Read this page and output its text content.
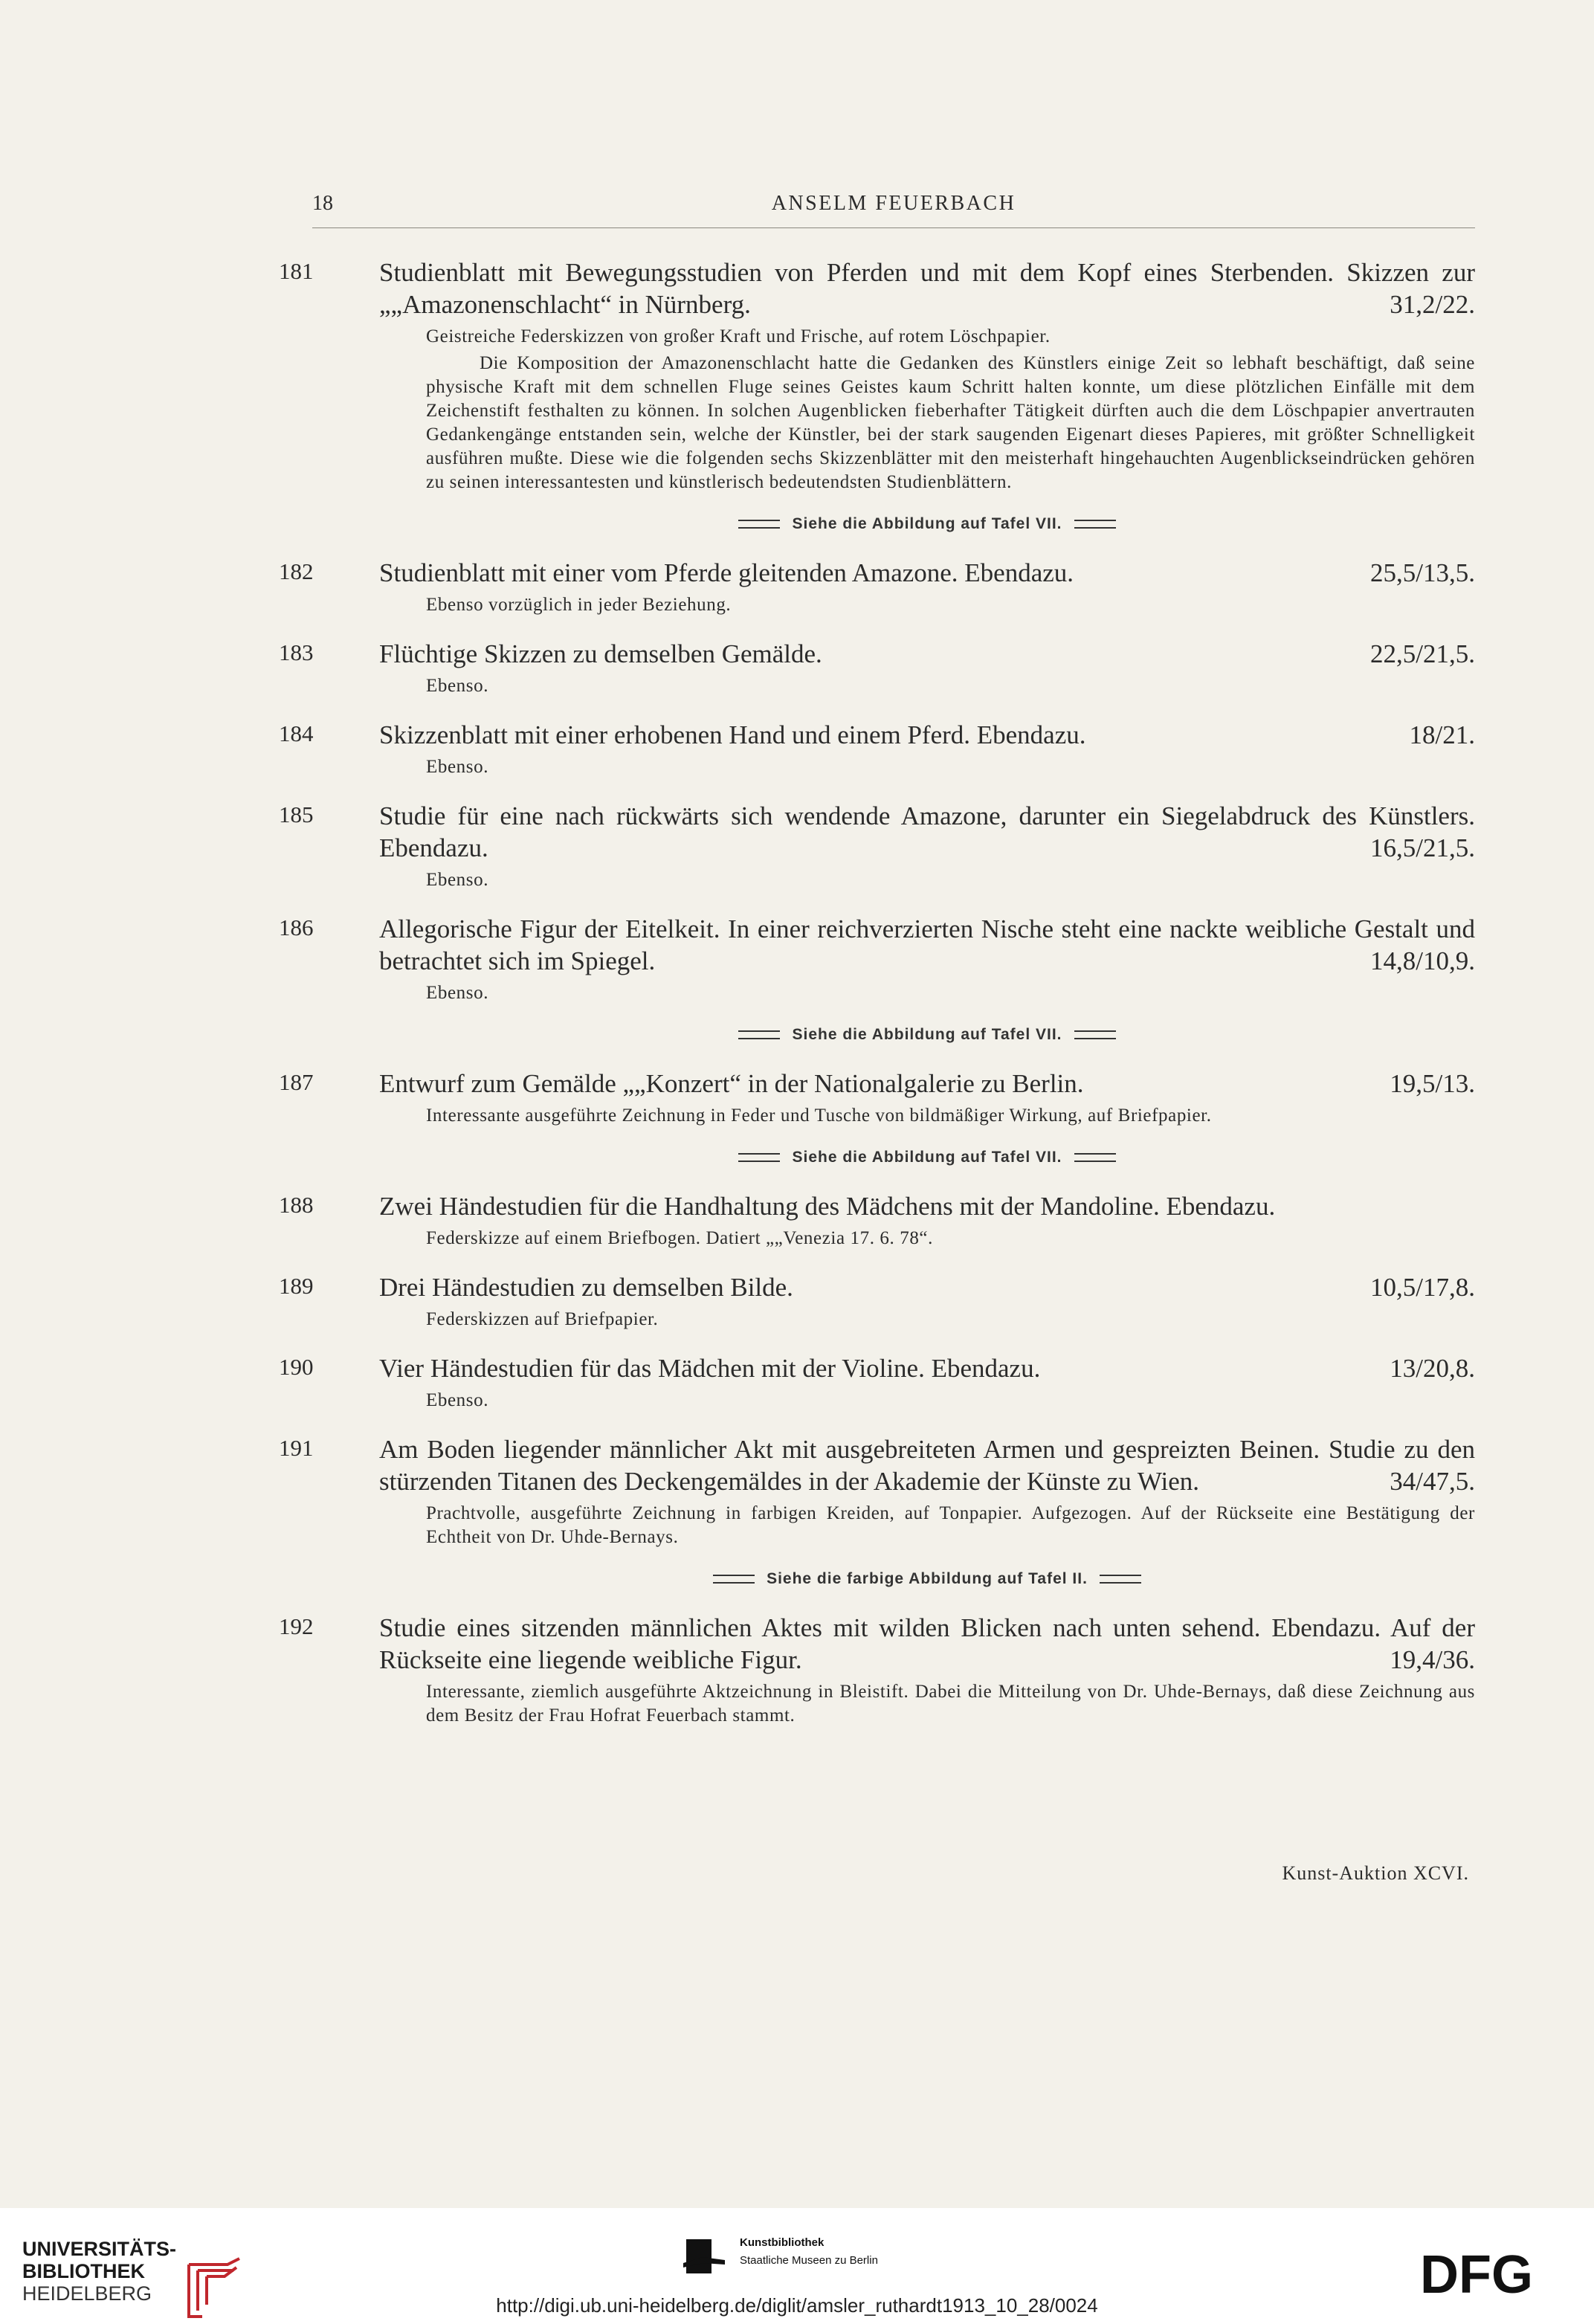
18	ANSELM FEUERBACH
181	Studienblatt mit Bewegungsstudien von Pferden und mit dem Kopf eines Sterbenden. Skizzen zur „„Amazonenschlacht“ in Nürnberg.	31,2/22.
Geistreiche Federskizzen von großer Kraft und Frische, auf rotem Löschpapier.
Die Komposition der Amazonenschlacht hatte die Gedanken des Künstlers einige Zeit so lebhaft beschäftigt, daß seine physische Kraft mit dem schnellen Fluge seines Geistes kaum Schritt halten konnte, um diese plötzlichen Einfälle mit dem Zeichenstift festhalten zu können. In solchen Augenblicken fieberhafter Tätigkeit dürften auch die dem Löschpapier anvertrauten Gedankengänge entstanden sein, welche der Künstler, bei der stark saugenden Eigenart dieses Papieres, mit größter Schnelligkeit ausführen mußte. Diese wie die folgenden sechs Skizzenblätter mit den meisterhaft hingehauchten Augenblickseindrücken gehören zu seinen interessantesten und künstlerisch bedeutendsten Studienblättern.
Siehe die Abbildung auf Tafel VII.
182	Studienblatt mit einer vom Pferde gleitenden Amazone. Ebendazu.	25,5/13,5.
Ebenso vorzüglich in jeder Beziehung.
183	Flüchtige Skizzen zu demselben Gemälde.	22,5/21,5.
Ebenso.
184	Skizzenblatt mit einer erhobenen Hand und einem Pferd. Ebendazu.	18/21.
Ebenso.
185	Studie für eine nach rückwärts sich wendende Amazone, darunter ein Siegelabdruck des Künstlers. Ebendazu.	16,5/21,5.
Ebenso.
186	Allegorische Figur der Eitelkeit. In einer reichverzierten Nische steht eine nackte weibliche Gestalt und betrachtet sich im Spiegel.	14,8/10,9.
Ebenso.
Siehe die Abbildung auf Tafel VII.
187	Entwurf zum Gemälde „„Konzert“ in der Nationalgalerie zu Berlin.	19,5/13.
Interessante ausgeführte Zeichnung in Feder und Tusche von bildmäßiger Wirkung, auf Briefpapier.
Siehe die Abbildung auf Tafel VII.
188	Zwei Händestudien für die Handhaltung des Mädchens mit der Mandoline. Ebendazu.
Federskizze auf einem Briefbogen. Datiert „„Venezia 17. 6. 78“.
189	Drei Händestudien zu demselben Bilde.	10,5/17,8.
Federskizzen auf Briefpapier.
190	Vier Händestudien für das Mädchen mit der Violine. Ebendazu.	13/20,8.
Ebenso.
191	Am Boden liegender männlicher Akt mit ausgebreiteten Armen und gespreizten Beinen. Studie zu den stürzenden Titanen des Deckengemäldes in der Akademie der Künste zu Wien.	34/47,5.
Prachtvolle, ausgeführte Zeichnung in farbigen Kreiden, auf Tonpapier. Aufgezogen. Auf der Rückseite eine Bestätigung der Echtheit von Dr. Uhde-Bernays.
Siehe die farbige Abbildung auf Tafel II.
192	Studie eines sitzenden männlichen Aktes mit wilden Blicken nach unten sehend. Ebendazu. Auf der Rückseite eine liegende weibliche Figur.	19,4/36.
Interessante, ziemlich ausgeführte Aktzeichnung in Bleistift. Dabei die Mitteilung von Dr. Uhde-Bernays, daß diese Zeichnung aus dem Besitz der Frau Hofrat Feuerbach stammt.
Kunst-Auktion XCVI.
UNIVERSITÄTS-
BIBLIOTHEK
HEIDELBERG
Kunstbibliothek
Staatliche Museen zu Berlin	DFG
http://digi.ub.uni-heidelberg.de/diglit/amsler_ruthardt1913_10_28/0024
